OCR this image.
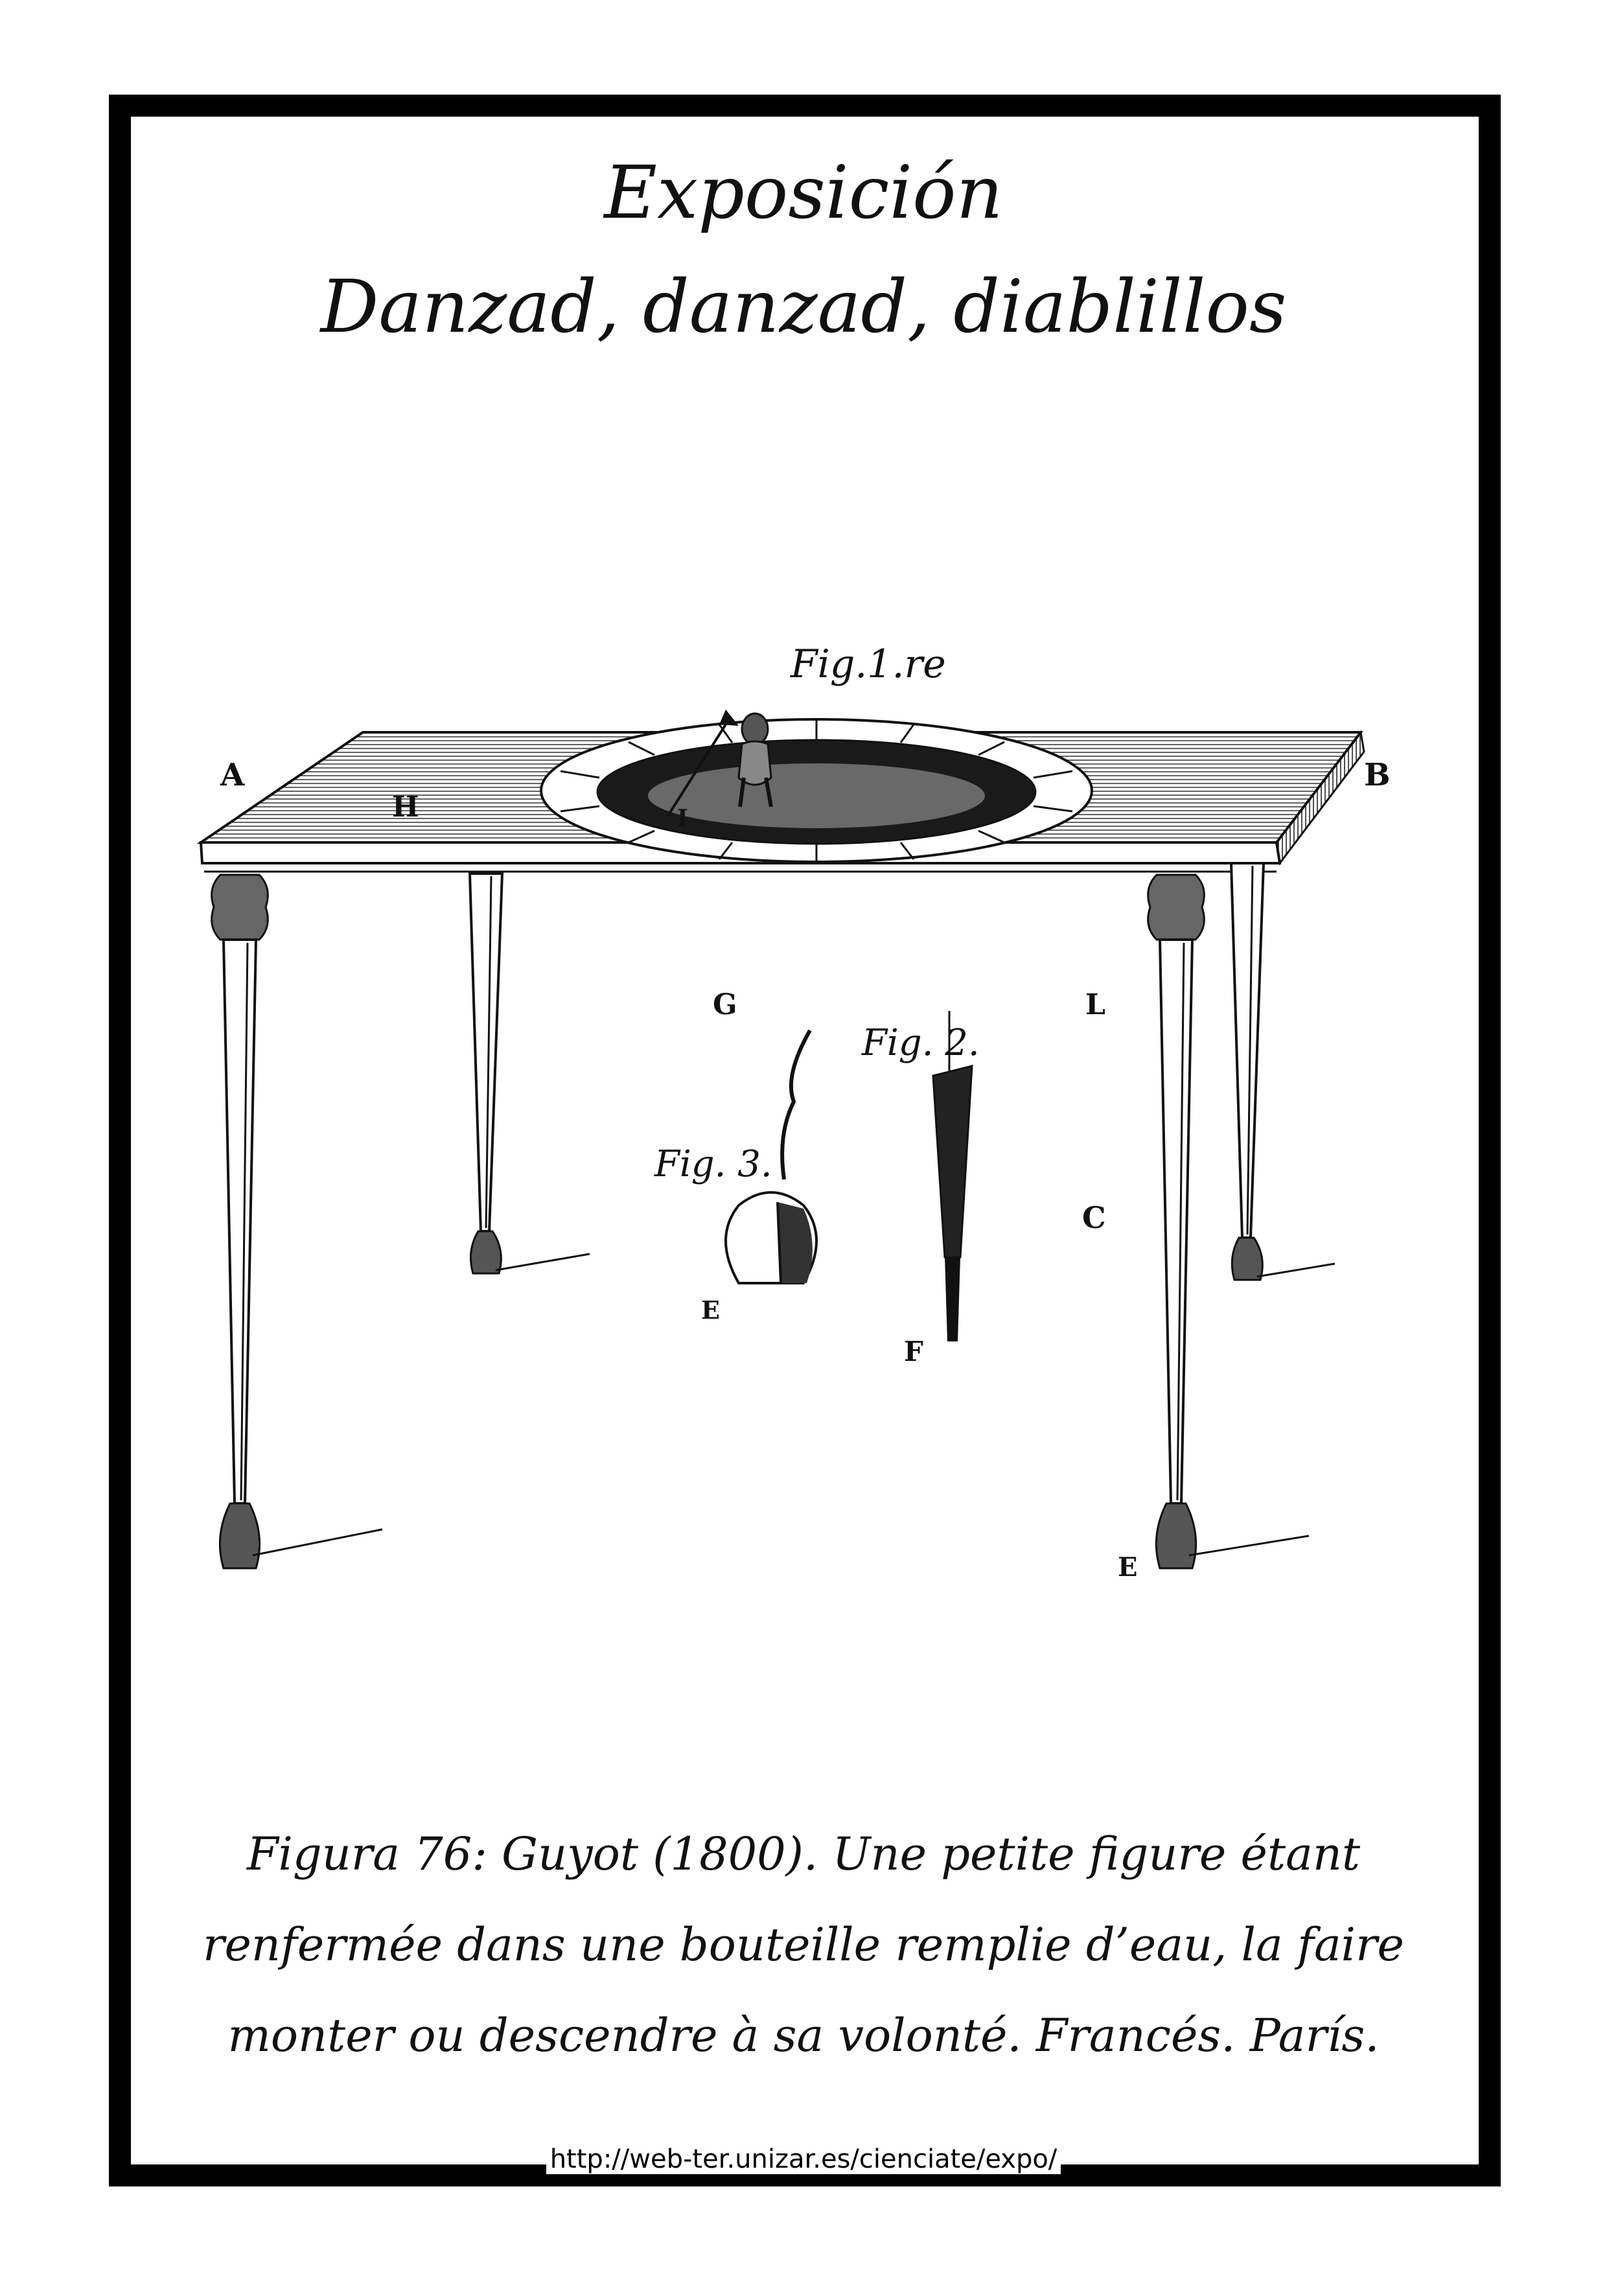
Exposición
Danzad, danzad, diablillos
Fig.1.re
Fig. 2.
Fig. 3.
A	B
H	I
G	L
C
E
F
E
Figura 76: Guyot (1800). Une petite figure étant
renfermée dans une bouteille remplie d’eau, la faire
monter ou descendre à sa volonté. Francés. París.
http://web-ter.unizar.es/cienciate/expo/
